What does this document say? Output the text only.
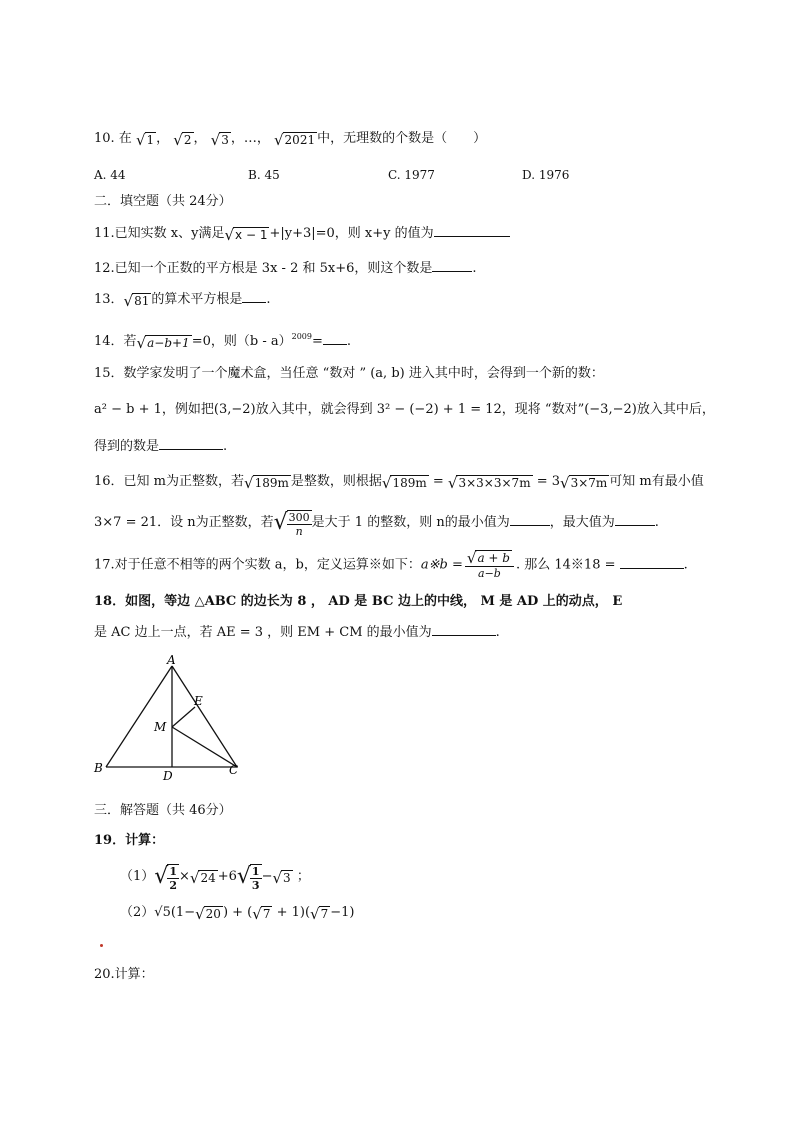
10. 在 √ 1 ， √ 2 ， √ 3 ，…， √ 2021 中，无理数的个数是（　　）
A. 44	B. 45	C. 1977	D. 1976
二．填空题（共 24分）
11.已知实数 x、y满足 √ x − 1 +|y+3|=0，则 x+y 的值为
12.已知一个正数的平方根是 3x - 2 和 5x+6，则这个数是	.
13． √ 81 的算术平方根是 .
14．若 √ a−b+1 =0，则（b - a）$^{2009}$= .
15．数学家发明了一个魔术盒，当任意 “数对 ” (a, b) 进入其中时，会得到一个新的数：
a² − b + 1，例如把(3,−2)放入其中，就会得到 3² − (−2) + 1 = 12，现将 “数对”(−3,−2)放入其中后，
得到的数是	.
16．已知 m为正整数，若 √ 189m 是整数，则根据 √ 189m = √ 3×3×3×7m = 3 √ 3×7m 可知 m有最小值
3×7 = 21．设 n为正整数，若 √ $\frac{300}{n}$ 是大于 1 的整数，则 n的最小值为	，最大值为	.
17.对于任意不相等的两个实数 a，b，定义运算※如下：a※b = $\frac{√ a + b}{a-b}$ . 那么 14※18 =	.
18．如图，等边 △ABC 的边长为 8 ， AD 是 BC 边上的中线， M 是 AD 上的动点， E
是 AC 边上一点，若 AE = 3 ，则 EM + CM 的最小值为	.
A
B	C
D
E
M
三．解答题（共 46分）
19．计算：
（1） √ $\frac{1}{2}$ × √ 24 +6 √ $\frac{1}{3}$ − √ 3 ；
（2）√5(1− √ 20 ) + ( √ 7 + 1)( √ 7 −1)
20.计算：
